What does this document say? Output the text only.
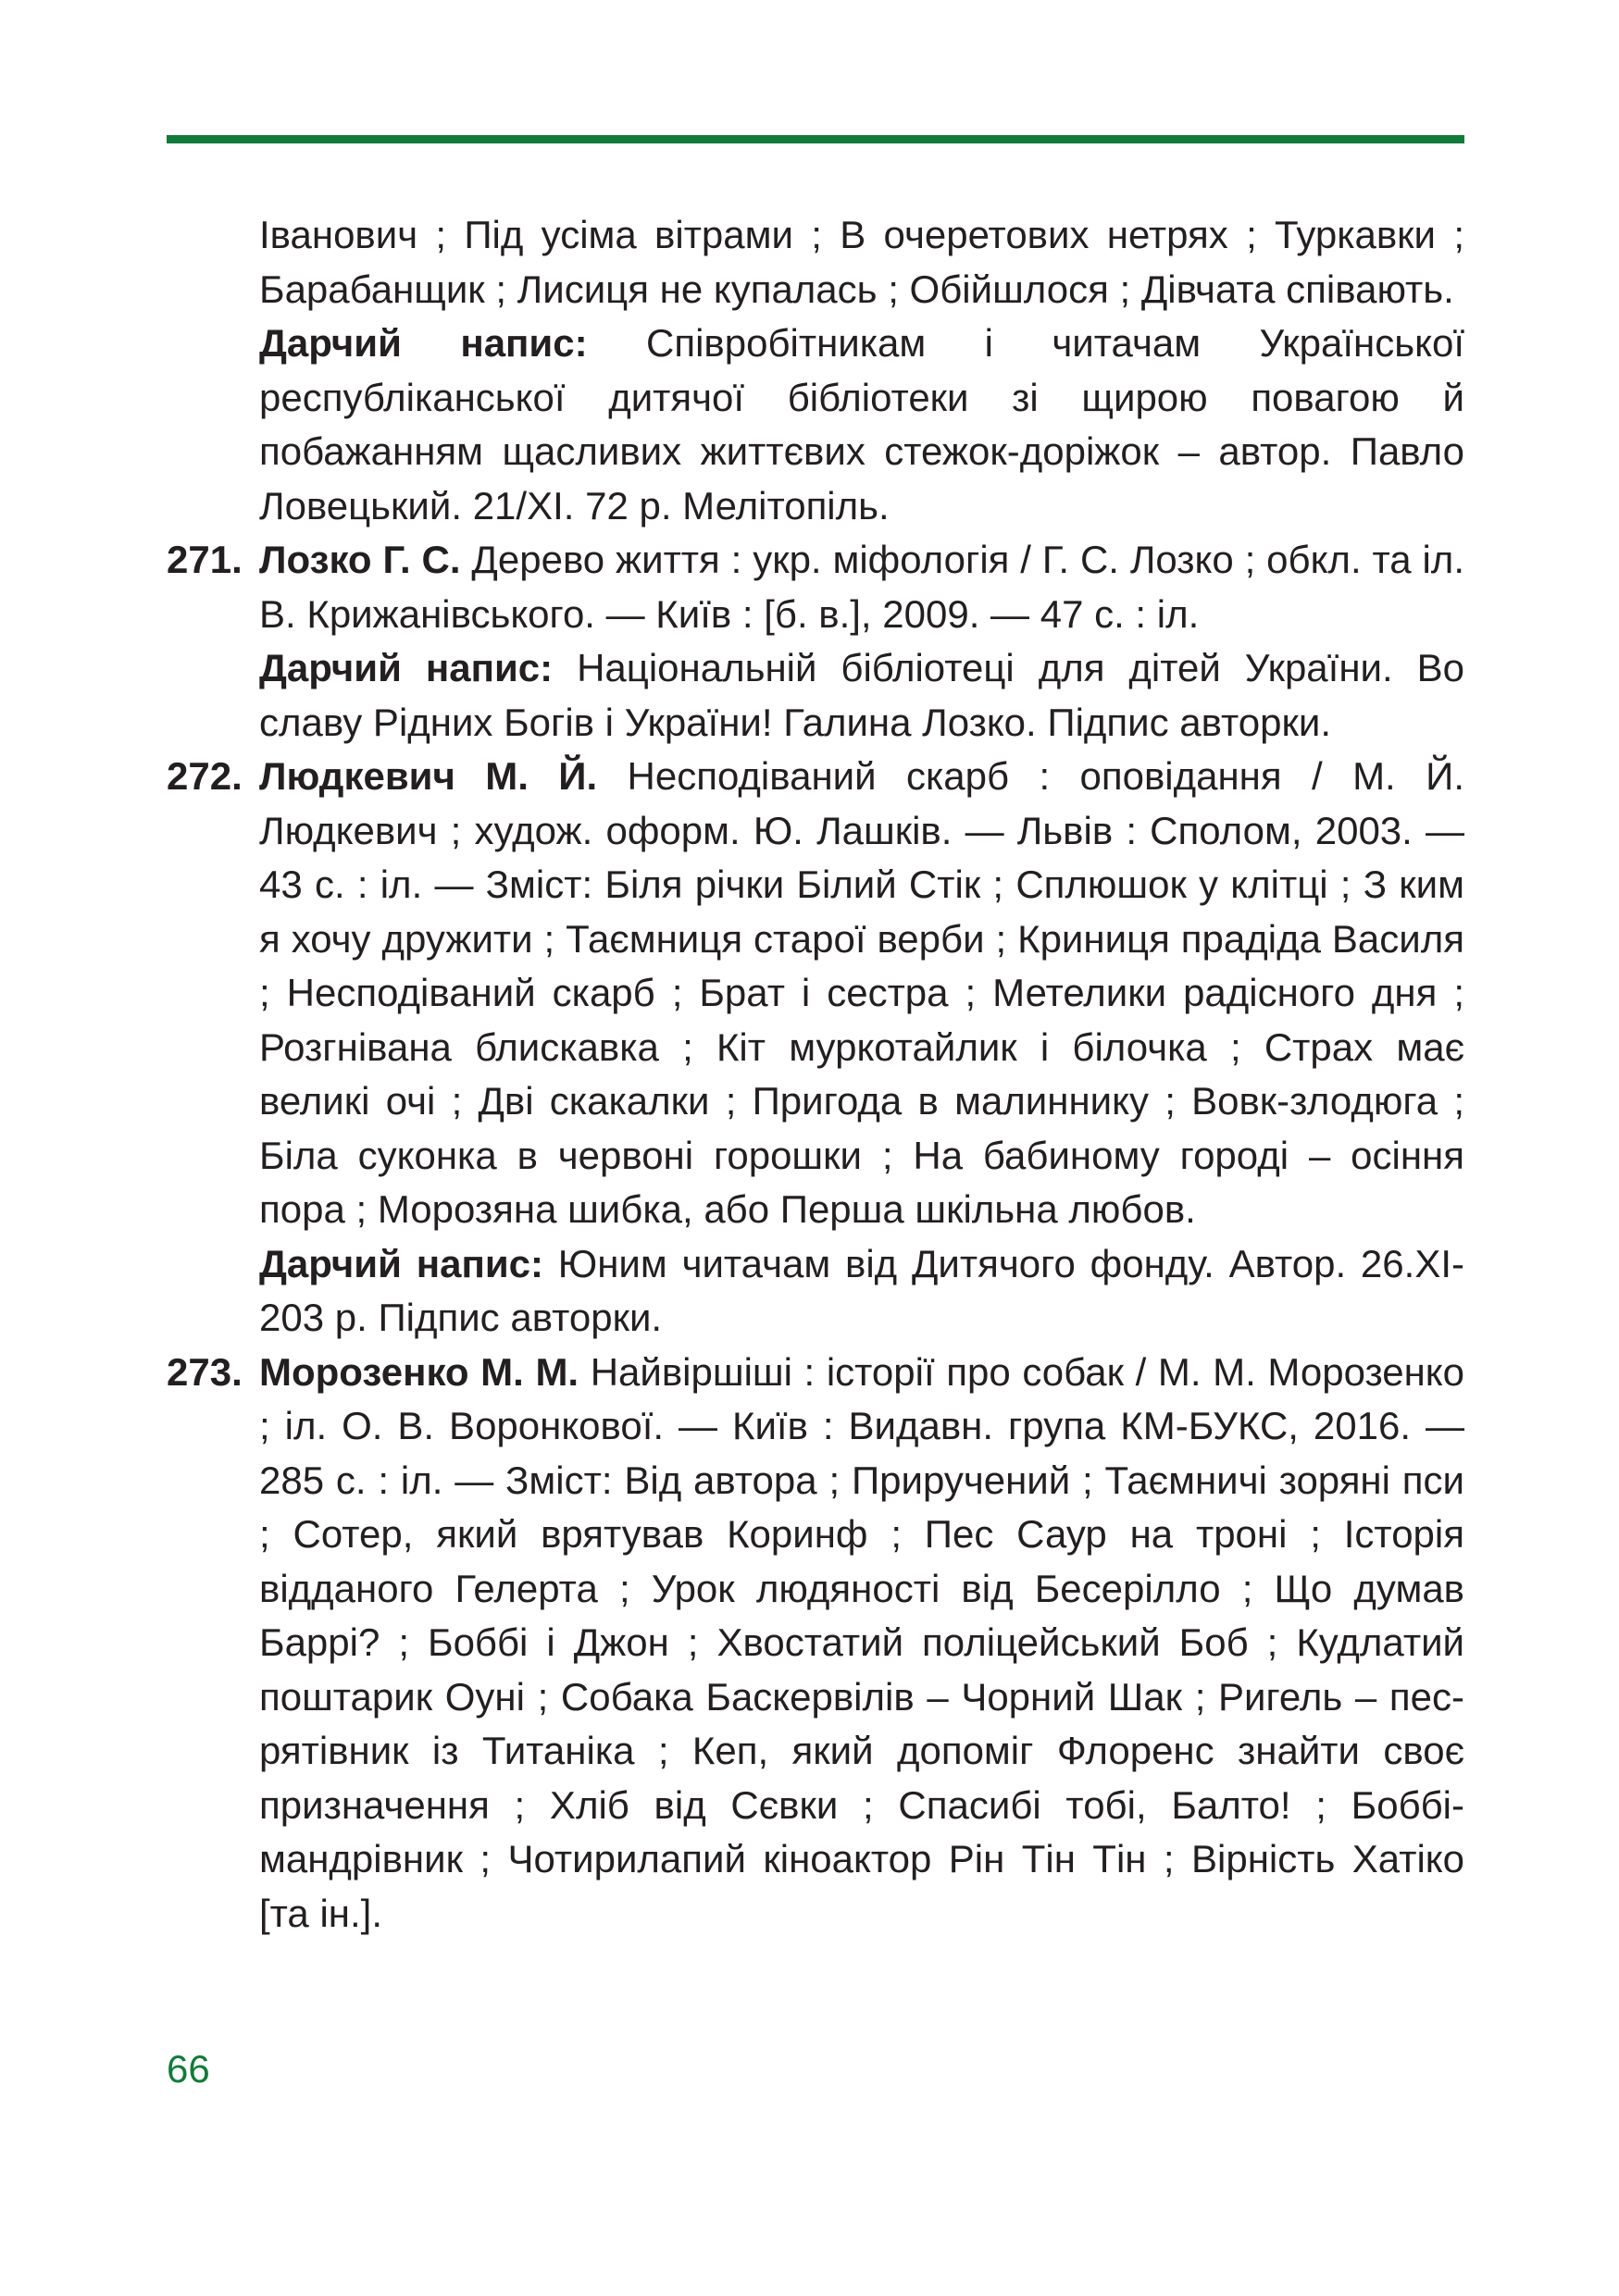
Іванович ; Під усіма вітрами ; В очеретових нетрях ; Туркавки ; Барабанщик ; Лисиця не купалась ; Обійшлося ; Дівчата співають.

Дарчий напис: Співробітникам і читачам Української республіканської дитячої бібліотеки зі щирою повагою й побажанням щасливих життєвих стежок-доріжок – автор. Павло Ловецький. 21/XI. 72 р. Мелітопіль.

271. Лозко Г. С. Дерево життя : укр. міфологія / Г. С. Лозко ; обкл. та іл. В. Крижанівського. — Київ : [б. в.], 2009. — 47 с. : іл.

Дарчий напис: Національній бібліотеці для дітей України. Во славу Рідних Богів і України! Галина Лозко. Підпис авторки.

272. Людкевич М. Й. Несподіваний скарб : оповідання / М. Й. Людкевич ; худож. оформ. Ю. Лашків. — Львів : Сполом, 2003. — 43 с. : іл. — Зміст: Біля річки Білий Стік ; Сплюшок у клітці ; З ким я хочу дружити ; Таємниця старої верби ; Криниця прадіда Василя ; Несподіваний скарб ; Брат і сестра ; Метелики радісного дня ; Розгнівана блискавка ; Кіт муркотайлик і білочка ; Страх має великі очі ; Дві скакалки ; Пригода в малиннику ; Вовк-злодюга ; Біла суконка в червоні горошки ; На бабиному городі – осіння пора ; Морозяна шибка, або Перша шкільна любов.

Дарчий напис: Юним читачам від Дитячого фонду. Автор. 26.XI-203 р. Підпис авторки.

273. Морозенко М. М. Найвіршіші : історії про собак / М. М. Морозенко ; іл. О. В. Воронкової. — Київ : Видавн. група КМ-БУКС, 2016. — 285 с. : іл. — Зміст: Від автора ; Приручений ; Таємничі зоряні пси ; Сотер, який врятував Коринф ; Пес Саур на троні ; Історія відданого Гелерта ; Урок людяності від Бесерілло ; Що думав Баррі? ; Боббі і Джон ; Хвостатий поліцейський Боб ; Кудлатий поштарик Оуні ; Собака Баскервілів – Чорний Шак ; Ригель – пес-рятівник із Титаніка ; Кеп, який допоміг Флоренс знайти своє призначення ; Хліб від Сєвки ; Спасибі тобі, Балто! ; Боббі-мандрівник ; Чотирилапий кіноактор Рін Тін Тін ; Вірність Хатіко [та ін.].

66
